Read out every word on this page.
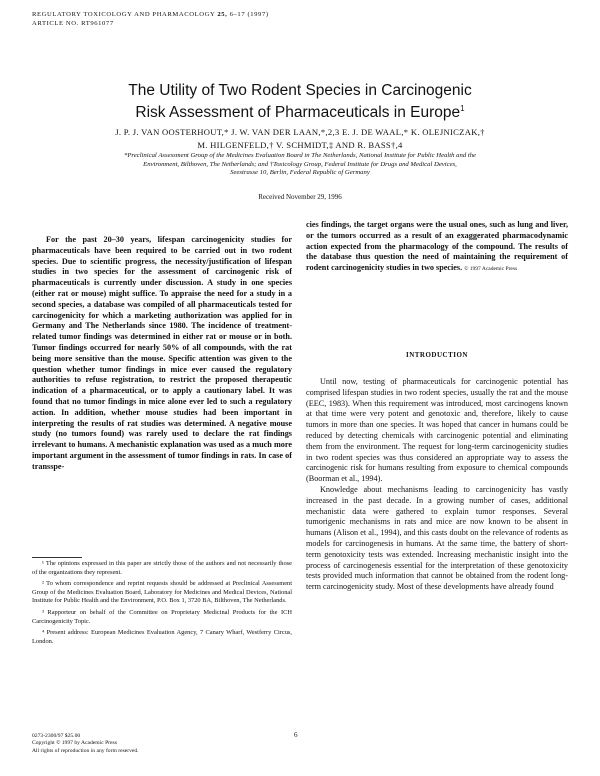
REGULATORY TOXICOLOGY AND PHARMACOLOGY 25, 6–17 (1997)
ARTICLE NO. RT961077
The Utility of Two Rodent Species in Carcinogenic
Risk Assessment of Pharmaceuticals in Europe$^1$
J. P. J. VAN OOSTERHOUT,* J. W. VAN DER LAAN,*,2,3 E. J. DE WAAL,* K. OLEJNICZAK,†
M. HILGENFELD,† V. SCHMIDT,‡ AND R. BASS†,4
*Preclinical Assessment Group of the Medicines Evaluation Board in The Netherlands, National Institute for Public Health and the
Environment, Bilthoven, The Netherlands; and †Toxicology Group, Federal Institute for Drugs and Medical Devices,
Seestrasse 10, Berlin, Federal Republic of Germany
Received November 29, 1996

For the past 20–30 years, lifespan carcinogenicity studies for pharmaceuticals have been required to be carried out in two rodent species. Due to scientific progress, the necessity/justification of lifespan studies in two species for the assessment of carcinogenic risk of pharmaceuticals is currently under discussion. A study in one species (either rat or mouse) might suffice. To appraise the need for a study in a second species, a database was compiled of all pharmaceuticals tested for carcinogenicity for which a marketing authorization was applied for in Germany and The Netherlands since 1980. The incidence of treatment-related tumor findings was determined in either rat or mouse or in both. Tumor findings occurred for nearly 50% of all compounds, with the rat being more sensitive than the mouse. Specific attention was given to the question whether tumor findings in mice ever caused the regulatory authorities to refuse registration, to restrict the proposed therapeutic indication of a pharmaceutical, or to apply a cautionary label. It was found that no tumor findings in mice alone ever led to such a regulatory action. In addition, whether mouse studies had been important in interpreting the results of rat studies was determined. A negative mouse study (no tumors found) was rarely used to declare the rat findings irrelevant to humans. A mechanistic explanation was used as a much more important argument in the assessment of tumor findings in rats. In case of transspe-

cies findings, the target organs were the usual ones, such as lung and liver, or the tumors occurred as a result of an exaggerated pharmacodynamic action expected from the pharmacology of the compound. The results of the database thus question the need of maintaining the requirement of rodent carcinogenicity studies in two species. © 1997 Academic Press

INTRODUCTION

Until now, testing of pharmaceuticals for carcinogenic potential has comprised lifespan studies in two rodent species, usually the rat and the mouse (EEC, 1983). When this requirement was introduced, most carcinogens known at that time were very potent and genotoxic and, therefore, likely to cause tumors in more than one species. It was hoped that cancer in humans could be reduced by detecting chemicals with carcinogenic potential and eliminating them from the environment. The request for long-term carcinogenicity studies in two rodent species was thus considered an appropriate way to assess the carcinogenic risk for humans resulting from exposure to chemical compounds (Boorman et al., 1994).

Knowledge about mechanisms leading to carcinogenicity has vastly increased in the past decade. In a growing number of cases, additional mechanistic data were gathered to explain tumor responses. Several tumorigenic mechanisms in rats and mice are now known to be absent in humans (Alison et al., 1994), and this casts doubt on the relevance of rodents as models for carcinogenesis in humans. At the same time, the battery of short-term genotoxicity tests was extended. Increasing mechanistic insight into the process of carcinogenesis essential for the interpretation of these genotoxicity tests provided much information that cannot be obtained from the rodent long-term carcinogenicity study. Most of these developments have already found

¹ The opinions expressed in this paper are strictly those of the authors and not necessarily those of the organizations they represent.

² To whom correspondence and reprint requests should be addressed at Preclinical Assessment Group of the Medicines Evaluation Board, Laboratory for Medicines and Medical Devices, National Institute for Public Health and the Environment, P.O. Box 1, 3720 BA, Bilthoven, The Netherlands.

³ Rapporteur on behalf of the Committee on Proprietary Medicinal Products for the ICH Carcinogenicity Topic.

⁴ Present address: European Medicines Evaluation Agency, 7 Canary Wharf, Westferry Circus, London.

6
0273-2300/97 $25.00
Copyright © 1997 by Academic Press
All rights of reproduction in any form reserved.
